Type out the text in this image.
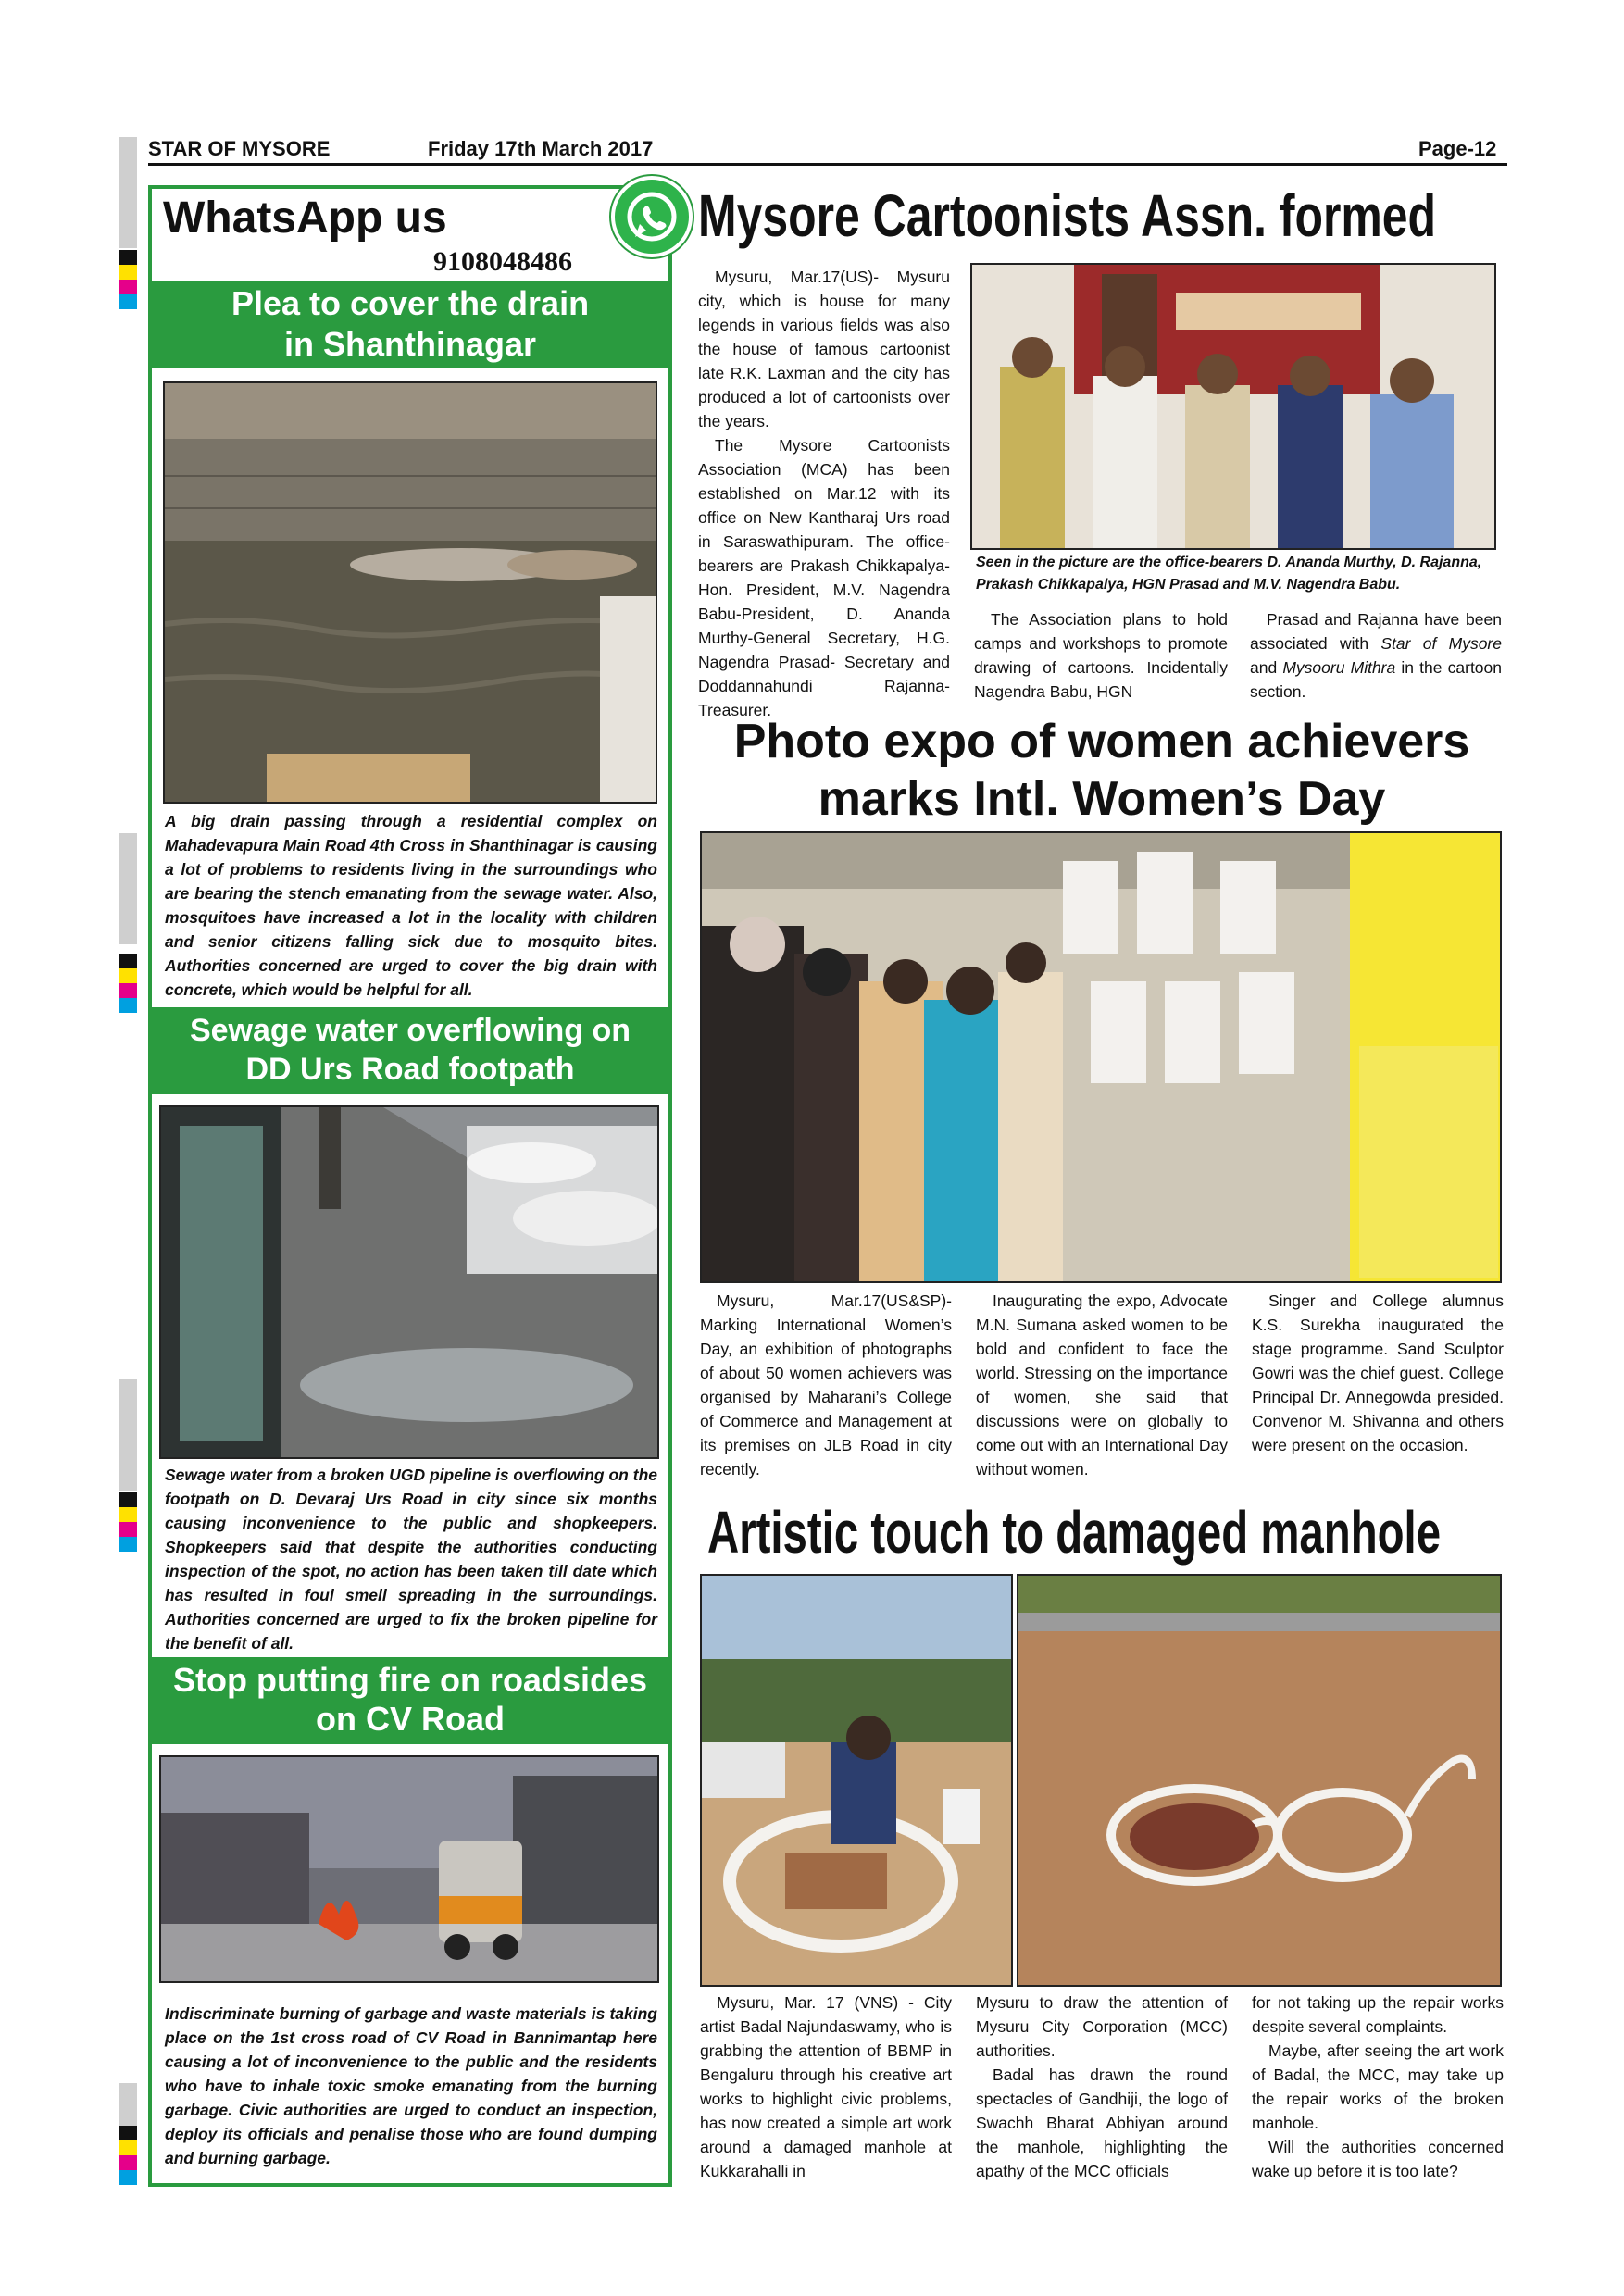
STAR OF MYSORE	Friday 17th March 2017	Page-12
WhatsApp us
9108048486
Plea to cover the drain
in Shanthinagar
A big drain passing through a residential complex on Mahadevapura Main Road 4th Cross in Shanthinagar is causing a lot of problems to residents living in the surroundings who are bearing the stench emanating from the sewage water. Also, mosquitoes have increased a lot in the locality with children and senior citizens falling sick due to mosquito bites. Authorities concerned are urged to cover the big drain with concrete, which would be helpful for all.
Sewage water overflowing on
DD Urs Road footpath
Sewage water from a broken UGD pipeline is overflowing on the footpath on D. Devaraj Urs Road in city since six months causing inconvenience to the public and shopkeepers. Shopkeepers said that despite the authorities conducting inspection of the spot, no action has been taken till date which has resulted in foul smell spreading in the surroundings. Authorities concerned are urged to fix the broken pipeline for the benefit of all.
Stop putting fire on roadsides
on CV Road
Indiscriminate burning of garbage and waste materials is taking place on the 1st cross road of CV Road in Bannimantap here causing a lot of inconvenience to the public and the residents who have to inhale toxic smoke emanating from the burning garbage. Civic authorities are urged to conduct an inspection, deploy its officials and penalise those who are found dumping and burning garbage.
Mysore Cartoonists Assn. formed

Mysuru, Mar.17(US)- Mysuru city, which is house for many legends in various fields was also the house of famous cartoonist late R.K. Laxman and the city has produced a lot of cartoonists over the years.

The Mysore Cartoonists Association (MCA) has been established on Mar.12 with its office on New Kantharaj Urs road in Saraswathipuram. The office-bearers are Prakash Chikkapalya-Hon. President, M.V. Nagendra Babu-President, D. Ananda Murthy-General Secretary, H.G. Nagendra Prasad- Secretary and Doddannahundi Rajanna- Treasurer.

Seen in the picture are the office-bearers D. Ananda Murthy, D. Rajanna, Prakash Chikkapalya, HGN Prasad and M.V. Nagendra Babu.

The Association plans to hold camps and workshops to promote drawing of cartoons. Incidentally Nagendra Babu, HGN

Prasad and Rajanna have been associated with Star of Mysore and Mysooru Mithra in the cartoon section.

Photo expo of women achievers
marks Intl. Women’s Day

Mysuru, Mar.17(US&SP)-Marking International Women’s Day, an exhibition of photographs of about 50 women achievers was organised by Maharani’s College of Commerce and Management at its premises on JLB Road in city recently.

Inaugurating the expo, Advocate M.N. Sumana asked women to be bold and confident to face the world. Stressing on the importance of women, she said that discussions were on globally to come out with an International Day without women.

Singer and College alumnus K.S. Surekha inaugurated the stage programme. Sand Sculptor Gowri was the chief guest. College Principal Dr. Annegowda presided. Convenor M. Shivanna and others were present on the occasion.

Artistic touch to damaged manhole

Mysuru, Mar. 17 (VNS) - City artist Badal Najundaswamy, who is grabbing the attention of BBMP in Bengaluru through his creative art works to highlight civic problems, has now created a simple art work around a damaged manhole at Kukkarahalli in

Mysuru to draw the attention of Mysuru City Corporation (MCC) authorities.

Badal has drawn the round spectacles of Gandhiji, the logo of Swachh Bharat Abhiyan around the manhole, highlighting the apathy of the MCC officials

for not taking up the repair works despite several complaints.

Maybe, after seeing the art work of Badal, the MCC, may take up the repair works of the broken manhole.

Will the authorities concerned wake up before it is too late?
